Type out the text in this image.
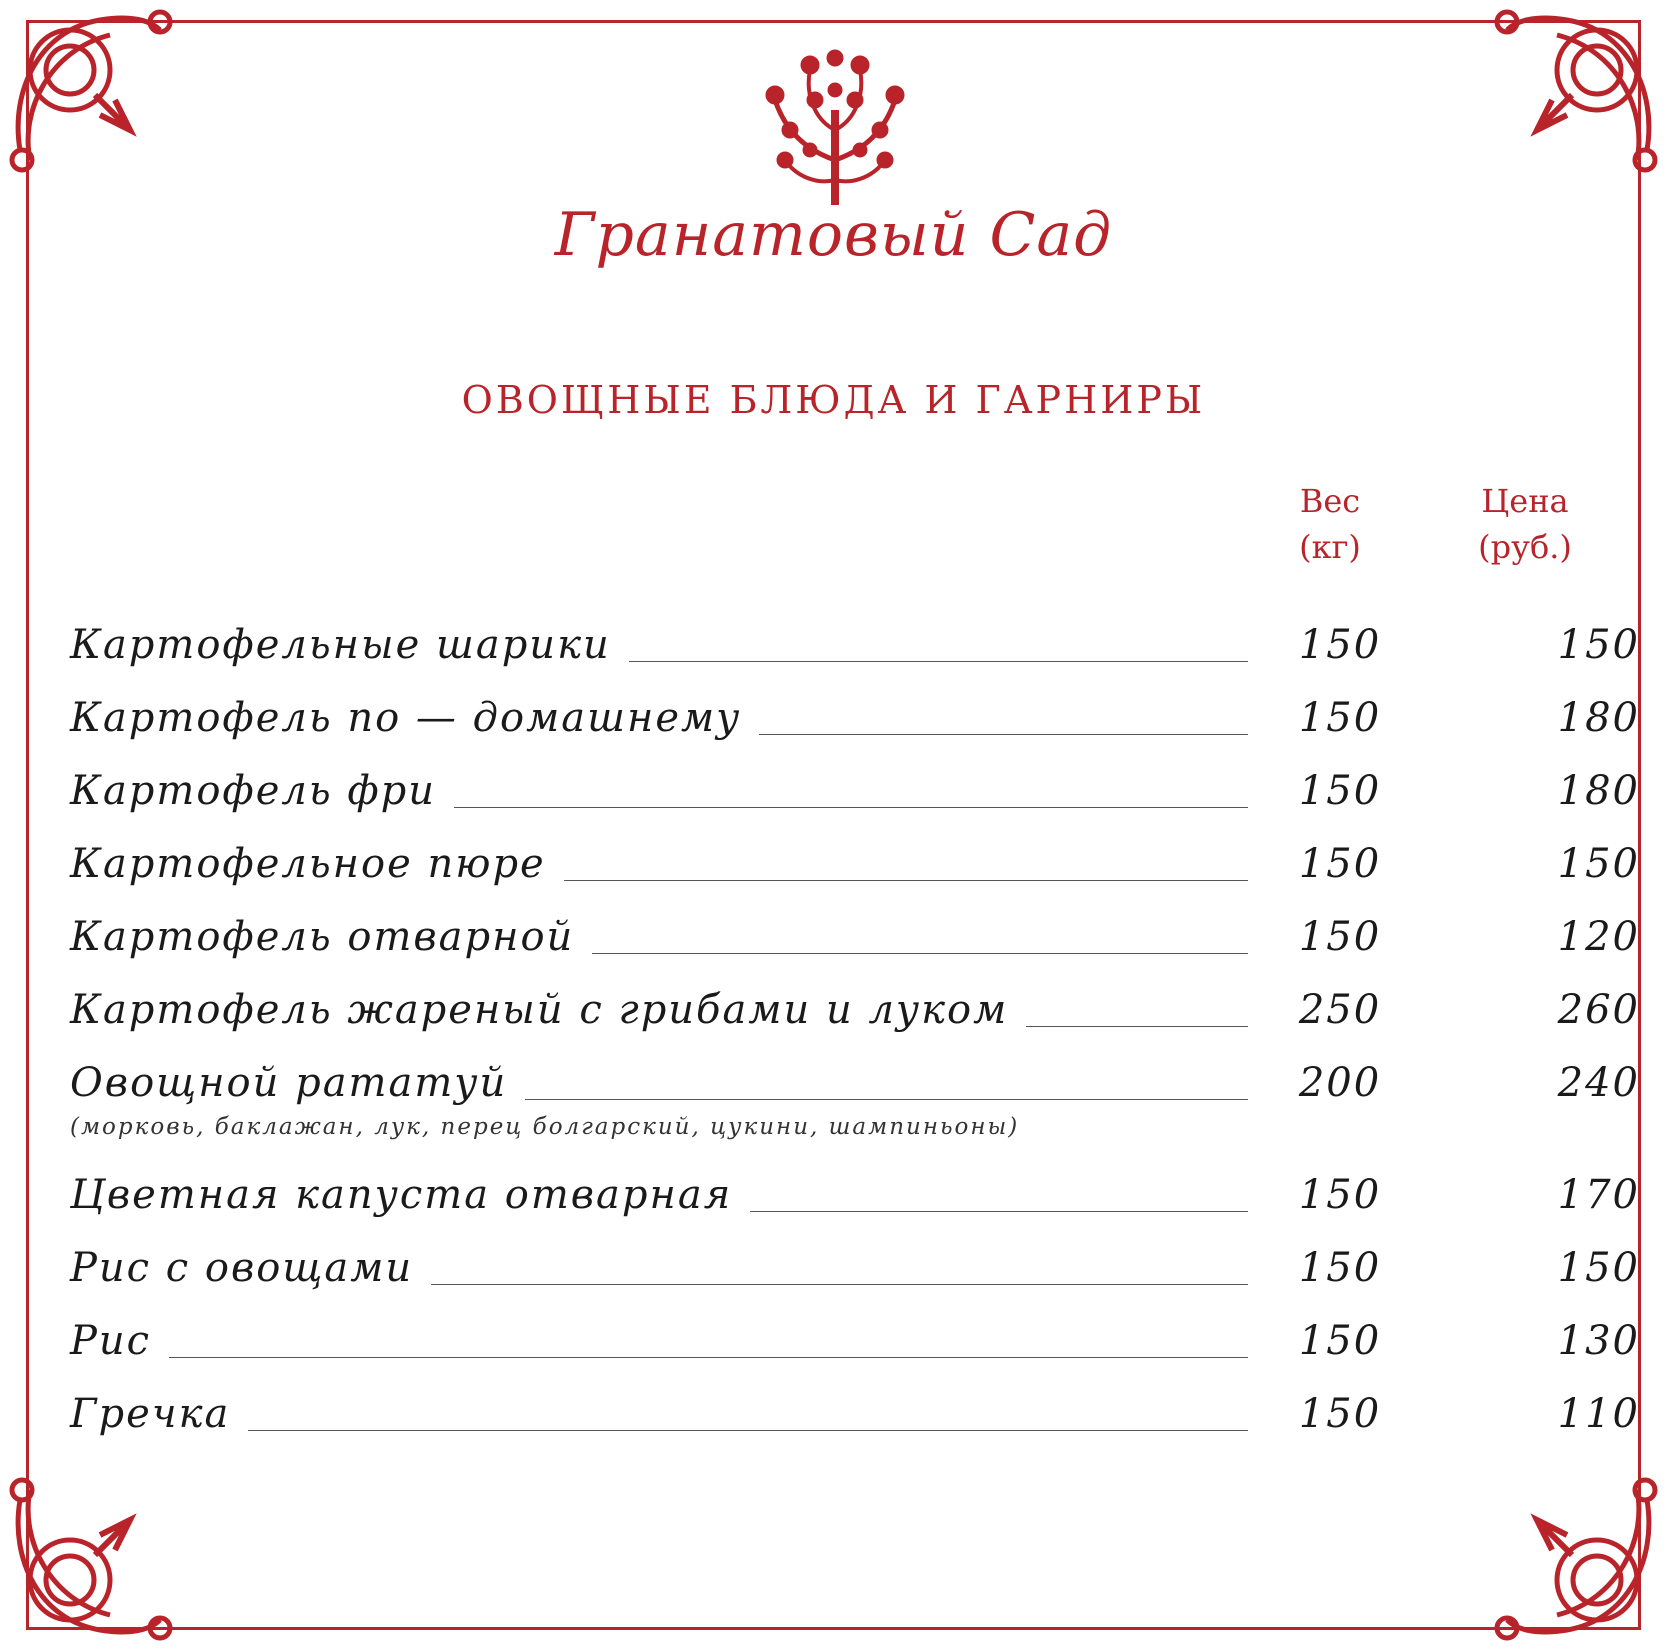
Гранатовый Сад
ОВОЩНЫЕ БЛЮДА И ГАРНИРЫ
Вес
(кг)
Цена
(руб.)
Картофельные шарики	150	150
Картофель по — домашнему	150	180
Картофель фри	150	180
Картофельное пюре	150	150
Картофель отварной	150	120
Картофель жареный с грибами и луком	250	260
Овощной рататуй	200	240
(морковь, баклажан, лук, перец болгарский, цукини, шампиньоны)
Цветная капуста отварная	150	170
Рис с овощами	150	150
Рис	150	130
Гречка	150	110
